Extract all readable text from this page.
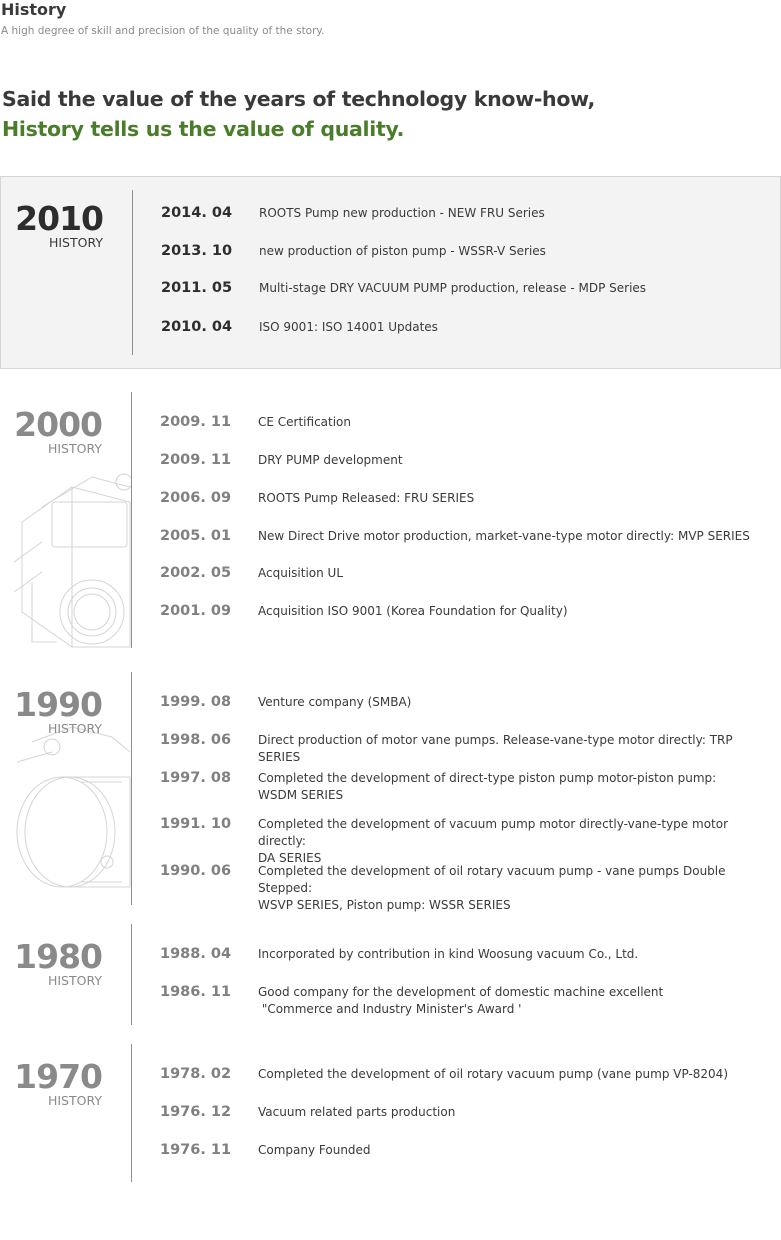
History
A high degree of skill and precision of the quality of the story.
Said the value of the years of technology know-how,
History tells us the value of quality.
2010
HISTORY
2014. 04 ROOTS Pump new production - NEW FRU Series
2013. 10 new production of piston pump - WSSR-V Series
2011. 05 Multi-stage DRY VACUUM PUMP production, release - MDP Series
2010. 04 ISO 9001: ISO 14001 Updates
2000
HISTORY
2009. 11 CE Certification
2009. 11 DRY PUMP development
2006. 09 ROOTS Pump Released: FRU SERIES
2005. 01 New Direct Drive motor production, market-vane-type motor directly: MVP SERIES
2002. 05 Acquisition UL
2001. 09 Acquisition ISO 9001 (Korea Foundation for Quality)
1990
HISTORY
1999. 08 Venture company (SMBA)
1998. 06 Direct production of motor vane pumps. Release-vane-type motor directly: TRP SERIES
1997. 08 Completed the development of direct-type piston pump motor-piston pump:
WSDM SERIES
1991. 10 Completed the development of vacuum pump motor directly-vane-type motor directly:
DA SERIES
1990. 06 Completed the development of oil rotary vacuum pump - vane pumps Double Stepped:
WSVP SERIES, Piston pump: WSSR SERIES
1980
HISTORY
1988. 04 Incorporated by contribution in kind Woosung vacuum Co., Ltd.
1986. 11 Good company for the development of domestic machine excellent
"Commerce and Industry Minister's Award '
1970
HISTORY
1978. 02 Completed the development of oil rotary vacuum pump (vane pump VP-8204)
1976. 12 Vacuum related parts production
1976. 11 Company Founded
